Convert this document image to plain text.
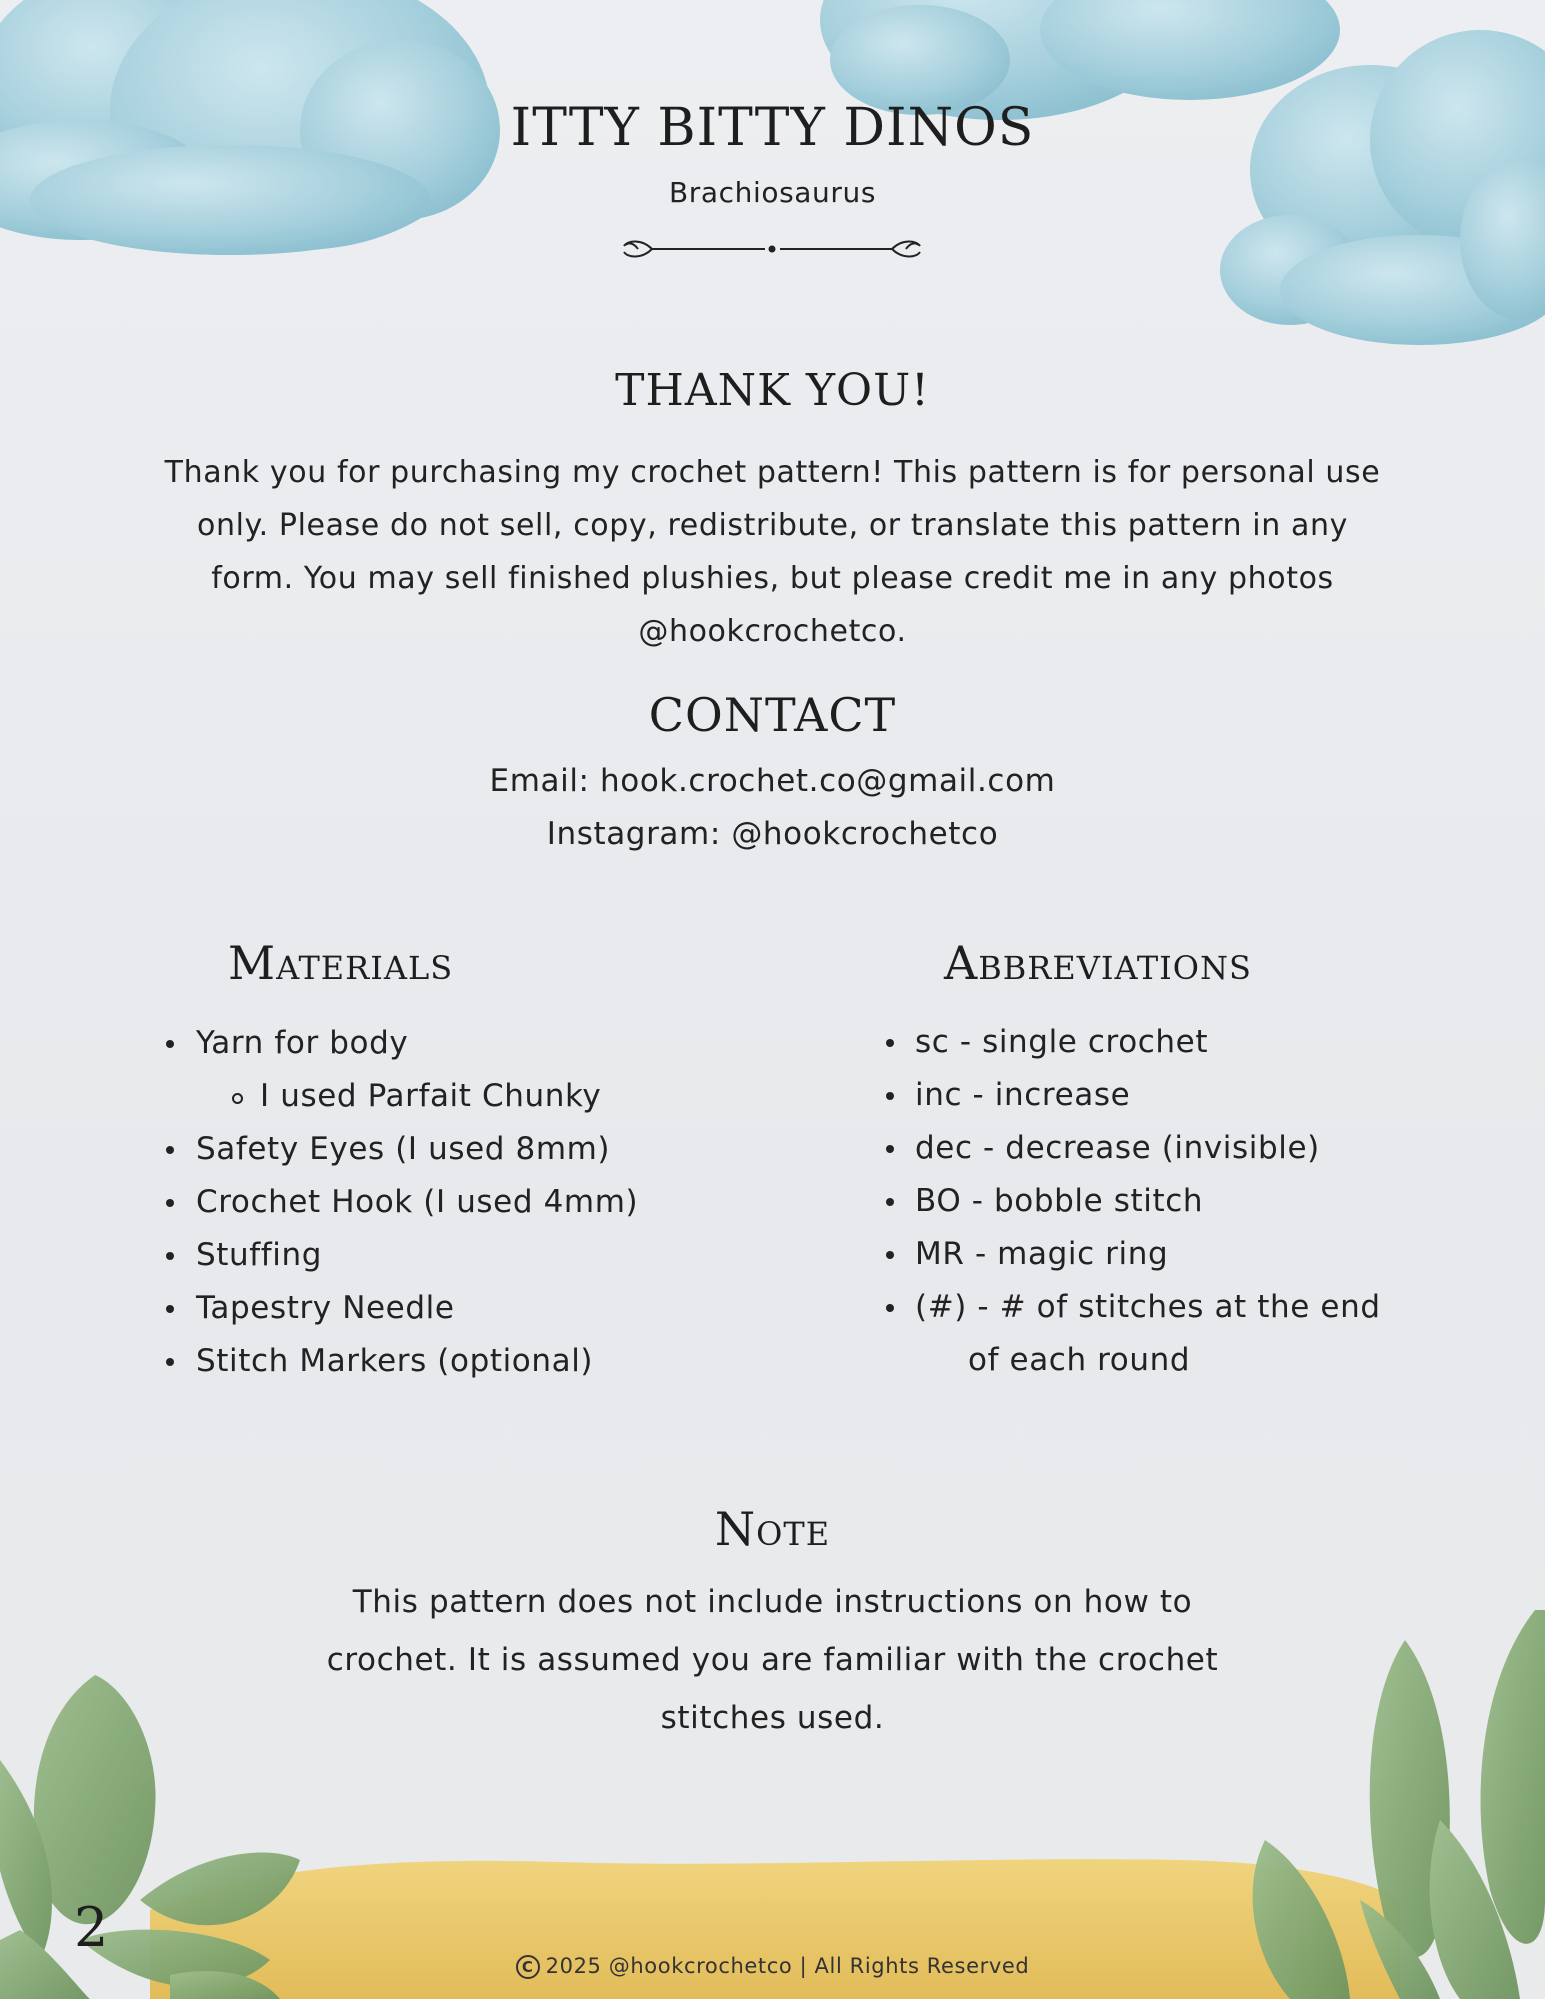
ITTY BITTY DINOS
Brachiosaurus
THANK YOU!
Thank you for purchasing my crochet pattern! This pattern is for personal use only. Please do not sell, copy, redistribute, or translate this pattern in any form. You may sell finished plushies, but please credit me in any photos @hookcrochetco.
CONTACT
Email: hook.crochet.co@gmail.com
Instagram: @hookcrochetco
Materials
Yarn for body
I used Parfait Chunky
Safety Eyes (I used 8mm)
Crochet Hook (I used 4mm)
Stuffing
Tapestry Needle
Stitch Markers (optional)
Abbreviations
sc - single crochet
inc - increase
dec - decrease (invisible)
BO - bobble stitch
MR - magic ring
(#) - # of stitches at the end
of each round
Note
This pattern does not include instructions on how to crochet. It is assumed you are familiar with the crochet stitches used.
2
C 2025 @hookcrochetco | All Rights Reserved
